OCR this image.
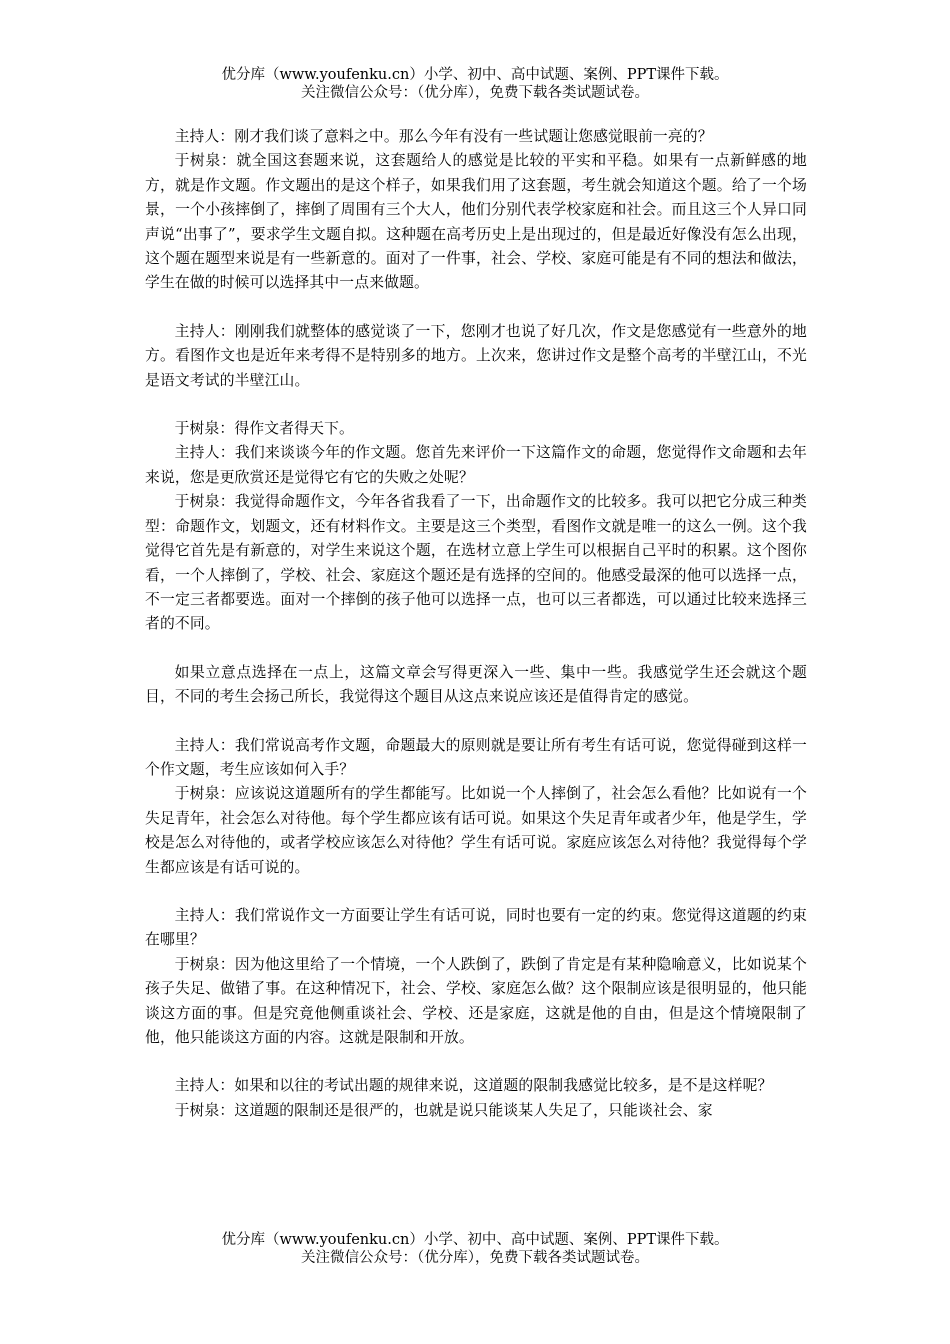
优分库（www.youfenku.cn）小学、初中、高中试题、案例、PPT课件下载。
关注微信公众号：（优分库），免费下载各类试题试卷。

主持人：刚才我们谈了意料之中。那么今年有没有一些试题让您感觉眼前一亮的？

于树泉：就全国这套题来说，这套题给人的感觉是比较的平实和平稳。如果有一点新鲜感的地方，就是作文题。作文题出的是这个样子，如果我们用了这套题，考生就会知道这个题。给了一个场景，一个小孩摔倒了，摔倒了周围有三个大人，他们分别代表学校家庭和社会。而且这三个人异口同声说“出事了”，要求学生文题自拟。这种题在高考历史上是出现过的，但是最近好像没有怎么出现，这个题在题型来说是有一些新意的。面对了一件事，社会、学校、家庭可能是有不同的想法和做法，学生在做的时候可以选择其中一点来做题。

主持人：刚刚我们就整体的感觉谈了一下，您刚才也说了好几次，作文是您感觉有一些意外的地方。看图作文也是近年来考得不是特别多的地方。上次来，您讲过作文是整个高考的半壁江山，不光是语文考试的半壁江山。

于树泉：得作文者得天下。

主持人：我们来谈谈今年的作文题。您首先来评价一下这篇作文的命题，您觉得作文命题和去年来说，您是更欣赏还是觉得它有它的失败之处呢？

于树泉：我觉得命题作文，今年各省我看了一下，出命题作文的比较多。我可以把它分成三种类型：命题作文，划题文，还有材料作文。主要是这三个类型，看图作文就是唯一的这么一例。这个我觉得它首先是有新意的，对学生来说这个题，在选材立意上学生可以根据自己平时的积累。这个图你看，一个人摔倒了，学校、社会、家庭这个题还是有选择的空间的。他感受最深的他可以选择一点，不一定三者都要选。面对一个摔倒的孩子他可以选择一点，也可以三者都选，可以通过比较来选择三者的不同。

如果立意点选择在一点上，这篇文章会写得更深入一些、集中一些。我感觉学生还会就这个题目，不同的考生会扬己所长，我觉得这个题目从这点来说应该还是值得肯定的感觉。

主持人：我们常说高考作文题，命题最大的原则就是要让所有考生有话可说，您觉得碰到这样一个作文题，考生应该如何入手？

于树泉：应该说这道题所有的学生都能写。比如说一个人摔倒了，社会怎么看他？比如说有一个失足青年，社会怎么对待他。每个学生都应该有话可说。如果这个失足青年或者少年，他是学生，学校是怎么对待他的，或者学校应该怎么对待他？学生有话可说。家庭应该怎么对待他？我觉得每个学生都应该是有话可说的。

主持人：我们常说作文一方面要让学生有话可说，同时也要有一定的约束。您觉得这道题的约束在哪里？

于树泉：因为他这里给了一个情境，一个人跌倒了，跌倒了肯定是有某种隐喻意义，比如说某个孩子失足、做错了事。在这种情况下，社会、学校、家庭怎么做？这个限制应该是很明显的，他只能谈这方面的事。但是究竟他侧重谈社会、学校、还是家庭，这就是他的自由，但是这个情境限制了他，他只能谈这方面的内容。这就是限制和开放。

主持人：如果和以往的考试出题的规律来说，这道题的限制我感觉比较多，是不是这样呢？

于树泉：这道题的限制还是很严的，也就是说只能谈某人失足了，只能谈社会、家

优分库（www.youfenku.cn）小学、初中、高中试题、案例、PPT课件下载。
关注微信公众号：（优分库），免费下载各类试题试卷。
